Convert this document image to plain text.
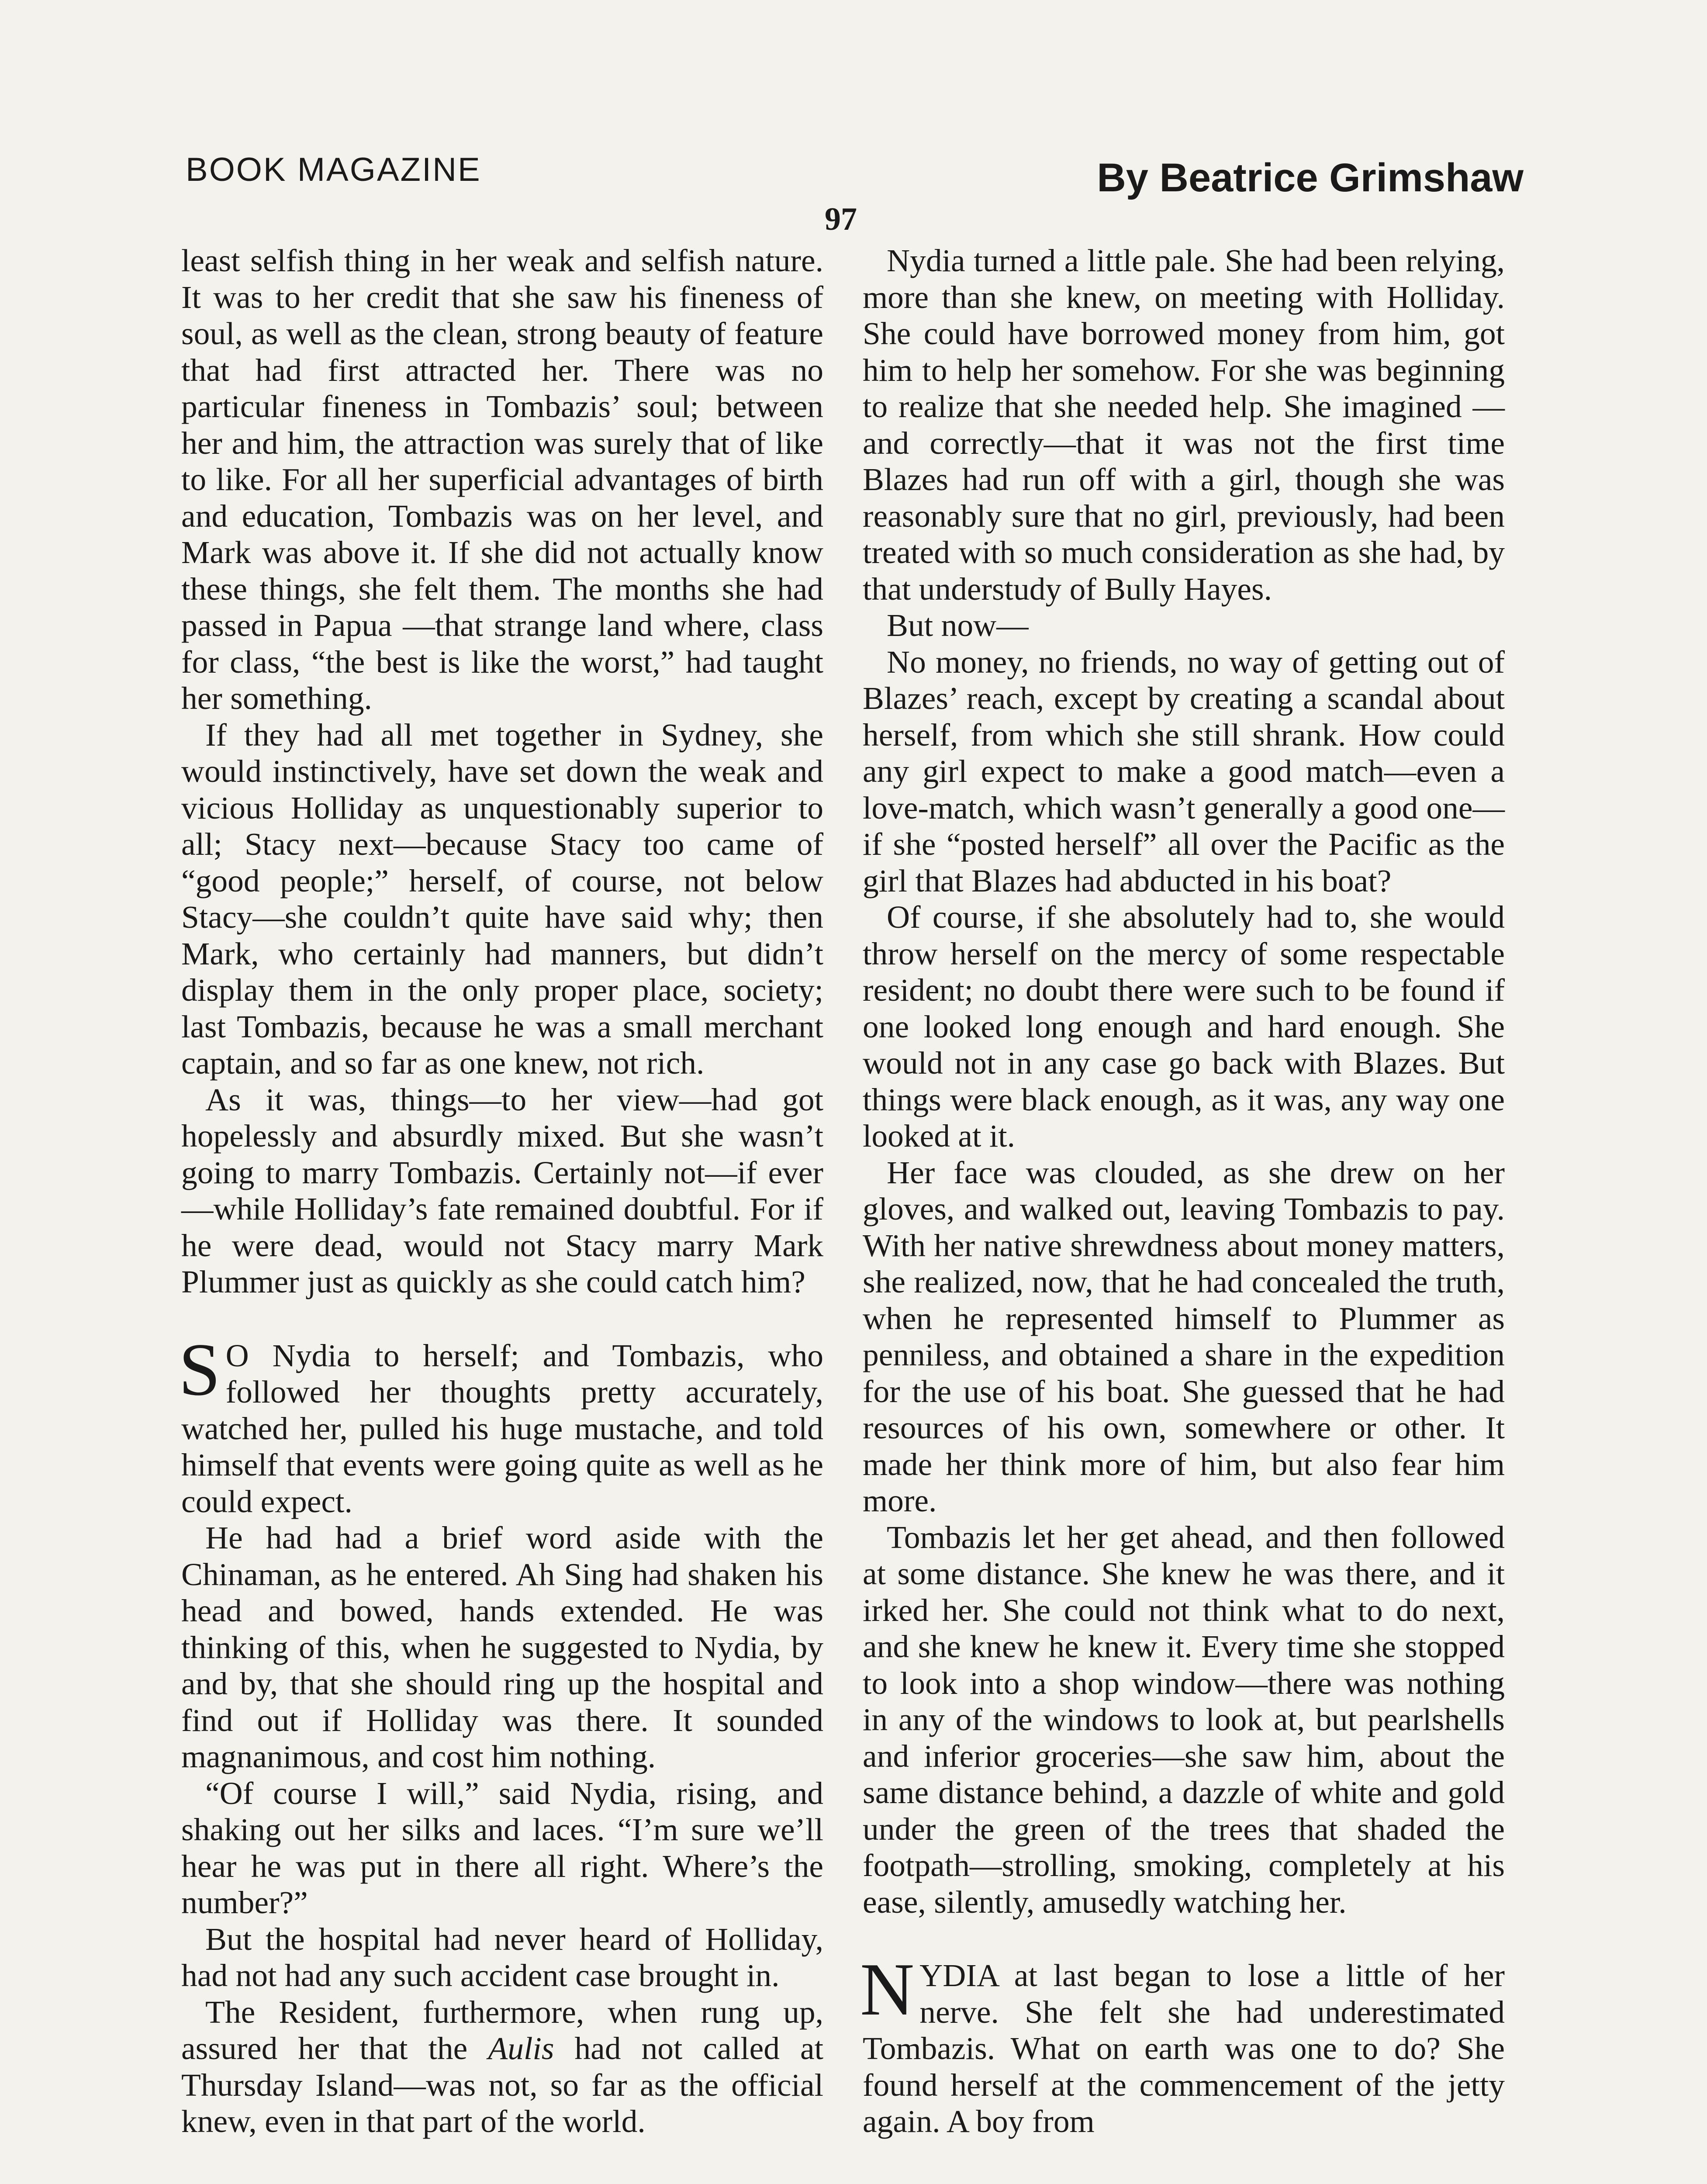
BOOK MAGAZINE	By Beatrice Grimshaw
97

least selfish thing in her weak and selfish nature. It was to her credit that she saw his fineness of soul, as well as the clean, strong beauty of feature that had first attracted her. There was no particular fineness in Tombazis’ soul; between her and him, the attraction was surely that of like to like. For all her superficial advantages of birth and education, Tombazis was on her level, and Mark was above it. If she did not actually know these things, she felt them. The months she had passed in Papua —that strange land where, class for class, “the best is like the worst,” had taught her something.

If they had all met together in Sydney, she would instinctively, have set down the weak and vicious Holliday as unquestionably superior to all; Stacy next—because Stacy too came of “good people;” herself, of course, not below Stacy—she couldn’t quite have said why; then Mark, who certainly had manners, but didn’t display them in the only proper place, society; last Tombazis, because he was a small merchant captain, and so far as one knew, not rich.

As it was, things—to her view—had got hopelessly and absurdly mixed. But she wasn’t going to marry Tombazis. Certainly not—if ever—while Holliday’s fate remained doubtful. For if he were dead, would not Stacy marry Mark Plummer just as quickly as she could catch him?

S O Nydia to herself; and Tombazis, who followed her thoughts pretty accurately, watched her, pulled his huge mustache, and told himself that events were going quite as well as he could expect.

He had had a brief word aside with the Chinaman, as he entered. Ah Sing had shaken his head and bowed, hands extended. He was thinking of this, when he suggested to Nydia, by and by, that she should ring up the hospital and find out if Holliday was there. It sounded magnanimous, and cost him nothing.

“Of course I will,” said Nydia, rising, and shaking out her silks and laces. “I’m sure we’ll hear he was put in there all right. Where’s the number?”

But the hospital had never heard of Holliday, had not had any such accident case brought in.

The Resident, furthermore, when rung up, assured her that the Aulis had not called at Thursday Island—was not, so far as the official knew, even in that part of the world.

Nydia turned a little pale. She had been relying, more than she knew, on meeting with Holliday. She could have borrowed money from him, got him to help her somehow. For she was beginning to realize that she needed help. She imagined —and correctly—that it was not the first time Blazes had run off with a girl, though she was reasonably sure that no girl, previously, had been treated with so much consideration as she had, by that understudy of Bully Hayes.

But now—

No money, no friends, no way of getting out of Blazes’ reach, except by creating a scandal about herself, from which she still shrank. How could any girl expect to make a good match—even a love-match, which wasn’t generally a good one—if she “posted herself” all over the Pacific as the girl that Blazes had abducted in his boat?

Of course, if she absolutely had to, she would throw herself on the mercy of some respectable resident; no doubt there were such to be found if one looked long enough and hard enough. She would not in any case go back with Blazes. But things were black enough, as it was, any way one looked at it.

Her face was clouded, as she drew on her gloves, and walked out, leaving Tombazis to pay. With her native shrewdness about money matters, she realized, now, that he had concealed the truth, when he represented himself to Plummer as penniless, and obtained a share in the expedition for the use of his boat. She guessed that he had resources of his own, somewhere or other. It made her think more of him, but also fear him more.

Tombazis let her get ahead, and then followed at some distance. She knew he was there, and it irked her. She could not think what to do next, and she knew he knew it. Every time she stopped to look into a shop window—there was nothing in any of the windows to look at, but pearlshells and inferior groceries—she saw him, about the same distance behind, a dazzle of white and gold under the green of the trees that shaded the footpath—strolling, smoking, completely at his ease, silently, amusedly watching her.

NYDIA at last began to lose a little of her nerve. She felt she had underestimated Tombazis. What on earth was one to do? She found herself at the commencement of the jetty again. A boy from
